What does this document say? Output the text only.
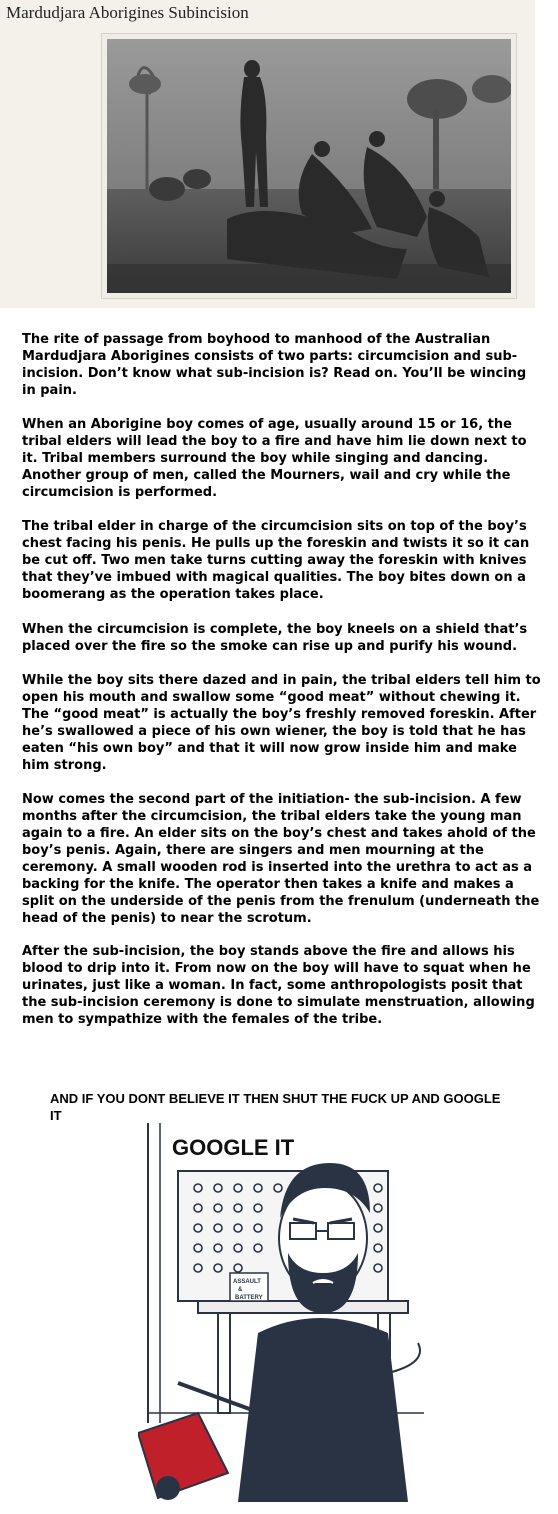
Mardudjara Aborigines Subincision

The rite of passage from boyhood to manhood of the Australian Mardudjara Aborigines consists of two parts: circumcision and sub-incision. Don’t know what sub-incision is? Read on. You’ll be wincing in pain.

When an Aborigine boy comes of age, usually around 15 or 16, the tribal elders will lead the boy to a fire and have him lie down next to it. Tribal members surround the boy while singing and dancing. Another group of men, called the Mourners, wail and cry while the circumcision is performed.

The tribal elder in charge of the circumcision sits on top of the boy’s chest facing his penis. He pulls up the foreskin and twists it so it can be cut off. Two men take turns cutting away the foreskin with knives that they’ve imbued with magical qualities. The boy bites down on a boomerang as the operation takes place.

When the circumcision is complete, the boy kneels on a shield that’s placed over the fire so the smoke can rise up and purify his wound.

While the boy sits there dazed and in pain, the tribal elders tell him to open his mouth and swallow some “good meat” without chewing it. The “good meat” is actually the boy’s freshly removed foreskin. After he’s swallowed a piece of his own wiener, the boy is told that he has eaten “his own boy” and that it will now grow inside him and make him strong.

Now comes the second part of the initiation- the sub-incision. A few months after the circumcision, the tribal elders take the young man again to a fire. An elder sits on the boy’s chest and takes ahold of the boy’s penis. Again, there are singers and men mourning at the ceremony. A small wooden rod is inserted into the urethra to act as a backing for the knife. The operator then takes a knife and makes a split on the underside of the penis from the frenulum (underneath the head of the penis) to near the scrotum.

After the sub-incision, the boy stands above the fire and allows his blood to drip into it. From now on the boy will have to squat when he urinates, just like a woman. In fact, some anthropologists posit that the sub-incision ceremony is done to simulate menstruation, allowing men to sympathize with the females of the tribe.

AND IF YOU DONT BELIEVE IT THEN SHUT THE FUCK UP AND GOOGLE IT
ASSAULT
&
BATTERY
GOOGLE IT
